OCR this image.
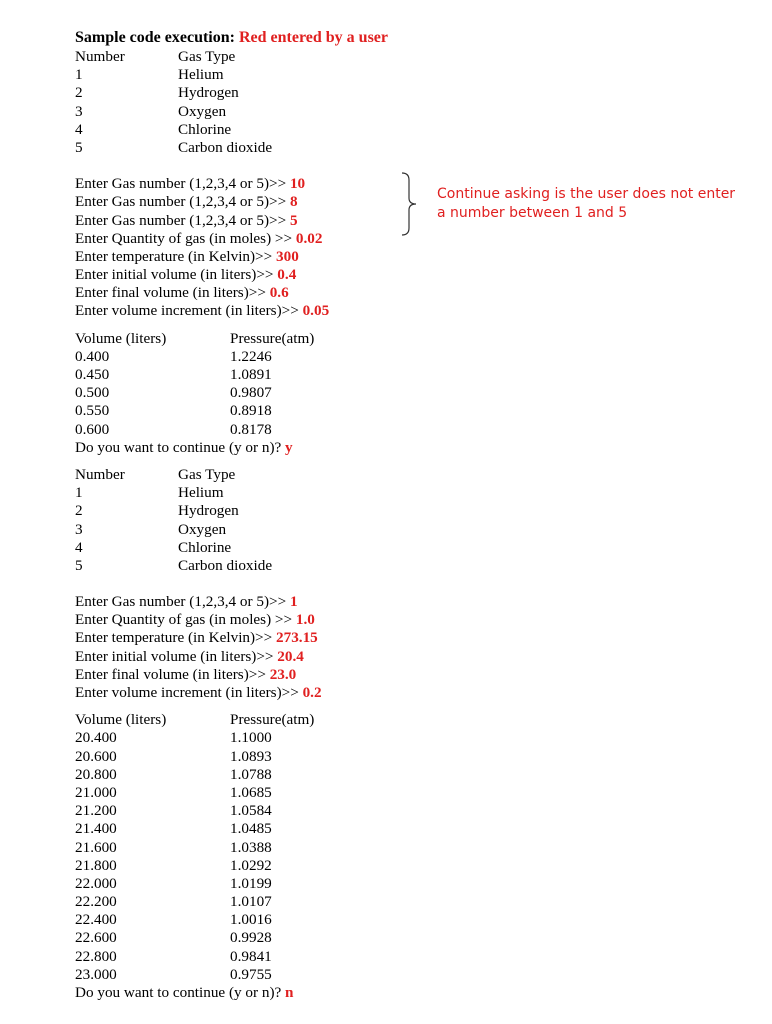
Sample code execution: Red entered by a user
Number	Gas Type
1	Helium
2	Hydrogen
3	Oxygen
4	Chlorine
5	Carbon dioxide
Enter Gas number (1,2,3,4 or 5)>> 10
Enter Gas number (1,2,3,4 or 5)>> 8
Enter Gas number (1,2,3,4 or 5)>> 5
Enter Quantity of gas (in moles) >> 0.02
Enter temperature (in Kelvin)>> 300
Enter initial volume (in liters)>> 0.4
Enter final volume (in liters)>> 0.6
Enter volume increment (in liters)>> 0.05
Volume (liters)	Pressure(atm)
0.400	1.2246
0.450	1.0891
0.500	0.9807
0.550	0.8918
0.600	0.8178
Do you want to continue (y or n)? y
Number	Gas Type
1	Helium
2	Hydrogen
3	Oxygen
4	Chlorine
5	Carbon dioxide
Enter Gas number (1,2,3,4 or 5)>> 1
Enter Quantity of gas (in moles) >> 1.0
Enter temperature (in Kelvin)>> 273.15
Enter initial volume (in liters)>> 20.4
Enter final volume (in liters)>> 23.0
Enter volume increment (in liters)>> 0.2
Volume (liters)	Pressure(atm)
20.400	1.1000
20.600	1.0893
20.800	1.0788
21.000	1.0685
21.200	1.0584
21.400	1.0485
21.600	1.0388
21.800	1.0292
22.000	1.0199
22.200	1.0107
22.400	1.0016
22.600	0.9928
22.800	0.9841
23.000	0.9755
Do you want to continue (y or n)? n
Continue asking is the user does not enter a number between 1 and 5
